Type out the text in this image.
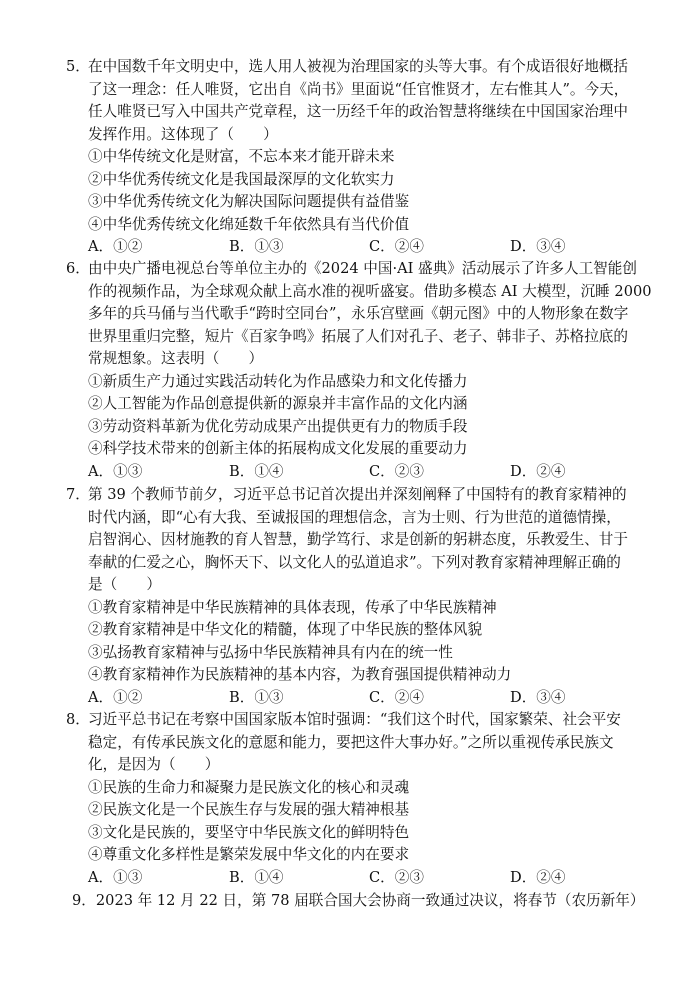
5．在中国数千年文明史中，选人用人被视为治理国家的头等大事。有个成语很好地概括
了这一理念：任人唯贤，它出自《尚书》里面说“任官惟贤才，左右惟其人”。今天，
任人唯贤已写入中国共产党章程，这一历经千年的政治智慧将继续在中国国家治理中
发挥作用。这体现了（　　）
①中华传统文化是财富，不忘本来才能开辟未来
②中华优秀传统文化是我国最深厚的文化软实力
③中华优秀传统文化为解决国际问题提供有益借鉴
④中华优秀传统文化绵延数千年依然具有当代价值
A．①②	B．①③	C．②④	D．③④
6．由中央广播电视总台等单位主办的《2024 中国·AI 盛典》活动展示了许多人工智能创
作的视频作品，为全球观众献上高水准的视听盛宴。借助多模态 AI 大模型，沉睡 2000
多年的兵马俑与当代歌手“跨时空同台”，永乐宫壁画《朝元图》中的人物形象在数字
世界里重归完整，短片《百家争鸣》拓展了人们对孔子、老子、韩非子、苏格拉底的
常规想象。这表明（　　）
①新质生产力通过实践活动转化为作品感染力和文化传播力
②人工智能为作品创意提供新的源泉并丰富作品的文化内涵
③劳动资料革新为优化劳动成果产出提供更有力的物质手段
④科学技术带来的创新主体的拓展构成文化发展的重要动力
A．①③	B．①④	C．②③	D．②④
7．第 39 个教师节前夕，习近平总书记首次提出并深刻阐释了中国特有的教育家精神的
时代内涵，即“心有大我、至诚报国的理想信念，言为士则、行为世范的道德情操，
启智润心、因材施教的育人智慧，勤学笃行、求是创新的躬耕态度，乐教爱生、甘于
奉献的仁爱之心，胸怀天下、以文化人的弘道追求”。下列对教育家精神理解正确的
是（　　）
①教育家精神是中华民族精神的具体表现，传承了中华民族精神
②教育家精神是中华文化的精髓，体现了中华民族的整体风貌
③弘扬教育家精神与弘扬中华民族精神具有内在的统一性
④教育家精神作为民族精神的基本内容，为教育强国提供精神动力
A．①②	B．①③	C．②④	D．③④
8．习近平总书记在考察中国国家版本馆时强调：“我们这个时代，国家繁荣、社会平安
稳定，有传承民族文化的意愿和能力，要把这件大事办好。”之所以重视传承民族文
化，是因为（　　）
①民族的生命力和凝聚力是民族文化的核心和灵魂
②民族文化是一个民族生存与发展的强大精神根基
③文化是民族的，要坚守中华民族文化的鲜明特色
④尊重文化多样性是繁荣发展中华文化的内在要求
A．①③	B．①④	C．②③	D．②④
9．2023 年 12 月 22 日，第 78 届联合国大会协商一致通过决议，将春节（农历新年）
